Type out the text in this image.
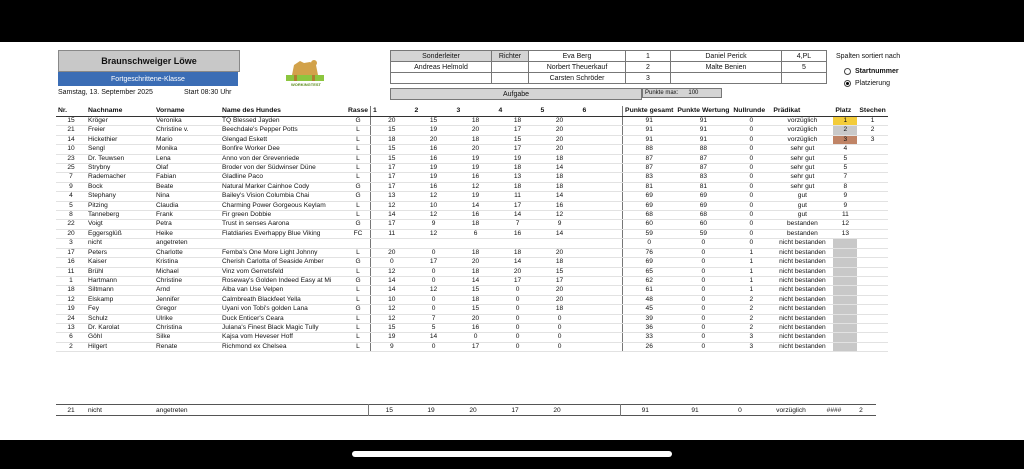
Braunschweiger Löwe
Fortgeschrittene-Klasse
Samstag, 13. September 2025	Start 08:30 Uhr
WORKINGTEST
Sonderleiter	Richter	Eva Berg	1	Daniel Perick	4,PL
Andreas Helmold		Norbert Theuerkauf	2	Malte Benien	5
		Carsten Schröder	3		
Spalten sortiert nach
Startnummer
Platzierung
Aufgabe	Punkte max: 100
Nr.	Nachname	Vorname	Name des Hundes	Rasse	1	2	3	4	5	6	Punkte gesamt	Punkte Wertung	Nullrunde	Prädikat	Platz	Stechen
15	Kröger	Veronika	TQ Blessed Jayden	G	20	15	18	18	20		91	91	0	vorzüglich	1	1
21	Freier	Christine v.	Beechdale's Pepper Potts	L	15	19	20	17	20		91	91	0	vorzüglich	2	2
14	Hickethier	Mario	Glengad Eskett	L	18	20	18	15	20		91	91	0	vorzüglich	3	3
10	Sengl	Monika	Bonfire Worker Dee	L	15	16	20	17	20		88	88	0	sehr gut	4	
23	Dr. Teuwsen	Lena	Anno von der Grevenriede	L	15	16	19	19	18		87	87	0	sehr gut	5	
25	Strybny	Olaf	Broder von der Südwinser Düne	L	17	19	19	18	14		87	87	0	sehr gut	5	
7	Rademacher	Fabian	Gladline Paco	L	17	19	16	13	18		83	83	0	sehr gut	7	
9	Bock	Beate	Natural Marker Cainhoe Cody	G	17	16	12	18	18		81	81	0	sehr gut	8	
4	Stephany	Nina	Bailey's Vision Columbia Chai	G	13	12	19	11	14		69	69	0	gut	9	
5	Pitzing	Claudia	Charming Power Gorgeous Keylam	L	12	10	14	17	16		69	69	0	gut	9	
8	Tanneberg	Frank	Fir green Dobbie	L	14	12	16	14	12		68	68	0	gut	11	
22	Voigt	Petra	Trust in senses Aarona	G	17	9	18	7	9		60	60	0	bestanden	12	
20	Eggersglüß	Heike	Flatdiaries Everhappy Blue Viking	FC	11	12	6	16	14		59	59	0	bestanden	13	
3	nicht	angetreten									0	0	0	nicht bestanden		
17	Peters	Charlotte	Femba's One More Light Johnny	L	20	0	18	18	20		76	0	1	nicht bestanden		
16	Kaiser	Kristina	Cherish Carlotta of Seaside Amber	G	0	17	20	14	18		69	0	1	nicht bestanden		
11	Brühl	Michael	Vinz vom Gerretsfeld	L	12	0	18	20	15		65	0	1	nicht bestanden		
1	Hartmann	Christine	Roseway's Golden Indeed Easy at Mi	G	14	0	14	17	17		62	0	1	nicht bestanden		
18	Siltmann	Arnd	Alba van Use Velpen	L	14	12	15	0	20		61	0	1	nicht bestanden		
12	Elskamp	Jennifer	Calmbreath Blackfeet Yella	L	10	0	18	0	20		48	0	2	nicht bestanden		
19	Fey	Gregor	Uyani von Tobi's golden Lana	G	12	0	15	0	18		45	0	2	nicht bestanden		
24	Schulz	Ulrike	Duck Enticer's Ceara	L	12	7	20	0	0		39	0	2	nicht bestanden		
13	Dr. Karolat	Christina	Julana's Finest Black Magic Tully	L	15	5	16	0	0		36	0	2	nicht bestanden		
6	Göhl	Silke	Kajsa vom Heveser Hoff	L	19	14	0	0	0		33	0	3	nicht bestanden		
2	Hilgert	Renate	Richmond ex Chelsea	L	9	0	17	0	0		26	0	3	nicht bestanden		
21	nicht	angetreten			15	19	20	17	20		91	91	0	vorzüglich	####	2
